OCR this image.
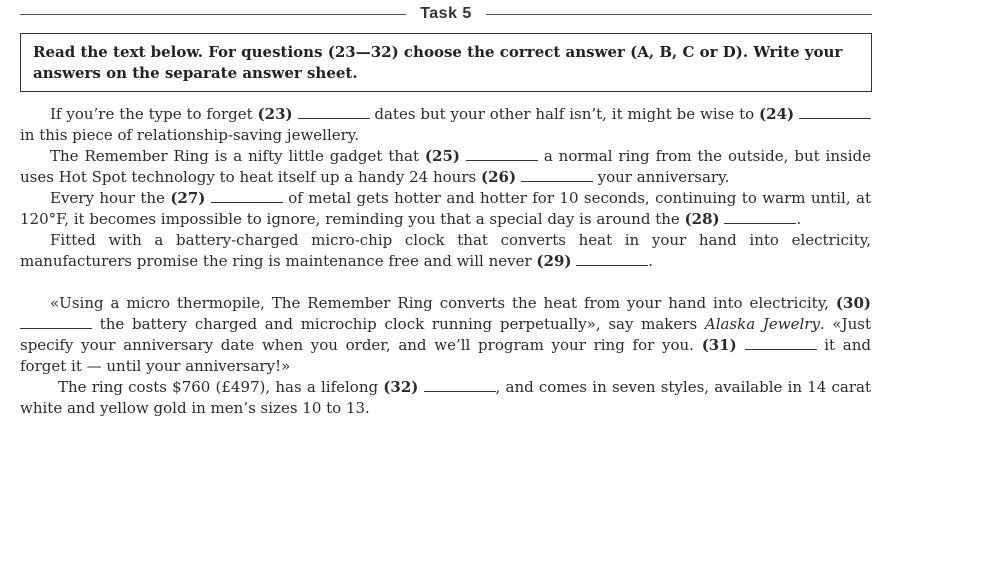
Task 5
Read the text below. For questions (23—32) choose the correct answer (A, B, C or D). Write your answers on the separate answer sheet.

If you’re the type to forget (23)	dates but your other half isn’t, it might be wise to (24)  in this piece of relationship-saving jewellery.

The Remember Ring is a nifty little gadget that (25)	a normal ring from the outside, but inside uses Hot Spot technology to heat itself up a handy 24 hours (26)	your anniversary.

Every hour the (27)	of metal gets hotter and hotter for 10 seconds, continuing to warm until, at 120°F, it becomes impossible to ignore, reminding you that a special day is around the (28)	.

Fitted with a battery-charged micro-chip clock that converts heat in your hand into electricity, manufacturers promise the ring is maintenance free and will never (29)	.

«Using a micro thermopile, The Remember Ring converts the heat from your hand into electricity, (30)  the battery charged and microchip clock running perpetually», say makers Alaska Jewelry. «Just specify your anniversary date when you order, and we’ll program your ring for you. (31)	it and forget it — until your anniversary!»

The ring costs $760 (£497), has a lifelong (32)	, and comes in seven styles, available in 14 carat white and yellow gold in men’s sizes 10 to 13.
